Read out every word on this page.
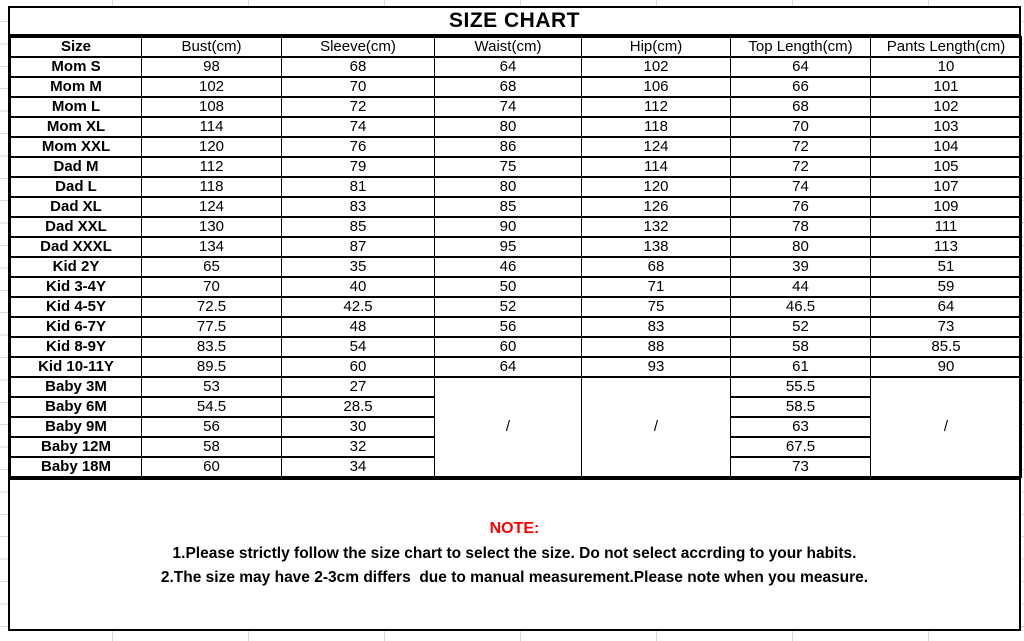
SIZE CHART
Size	Bust(cm)	Sleeve(cm)	Waist(cm)	Hip(cm)	Top Length(cm)	Pants Length(cm)
Mom S	98	68	64	102	64	10
Mom M	102	70	68	106	66	101
Mom L	108	72	74	112	68	102
Mom XL	114	74	80	118	70	103
Mom XXL	120	76	86	124	72	104
Dad M	112	79	75	114	72	105
Dad L	118	81	80	120	74	107
Dad XL	124	83	85	126	76	109
Dad XXL	130	85	90	132	78	111
Dad XXXL	134	87	95	138	80	113
Kid 2Y	65	35	46	68	39	51
Kid 3-4Y	70	40	50	71	44	59
Kid 4-5Y	72.5	42.5	52	75	46.5	64
Kid 6-7Y	77.5	48	56	83	52	73
Kid 8-9Y	83.5	54	60	88	58	85.5
Kid 10-11Y	89.5	60	64	93	61	90
Baby 3M	53	27	/	/	55.5	/
Baby 6M	54.5	28.5			58.5	
Baby 9M	56	30			63	
Baby 12M	58	32			67.5	
Baby 18M	60	34			73	
NOTE:
1.Please strictly follow the size chart to select the size. Do not select accrding to your habits.
2.The size may have 2-3cm differs  due to manual measurement.Please note when you measure.
